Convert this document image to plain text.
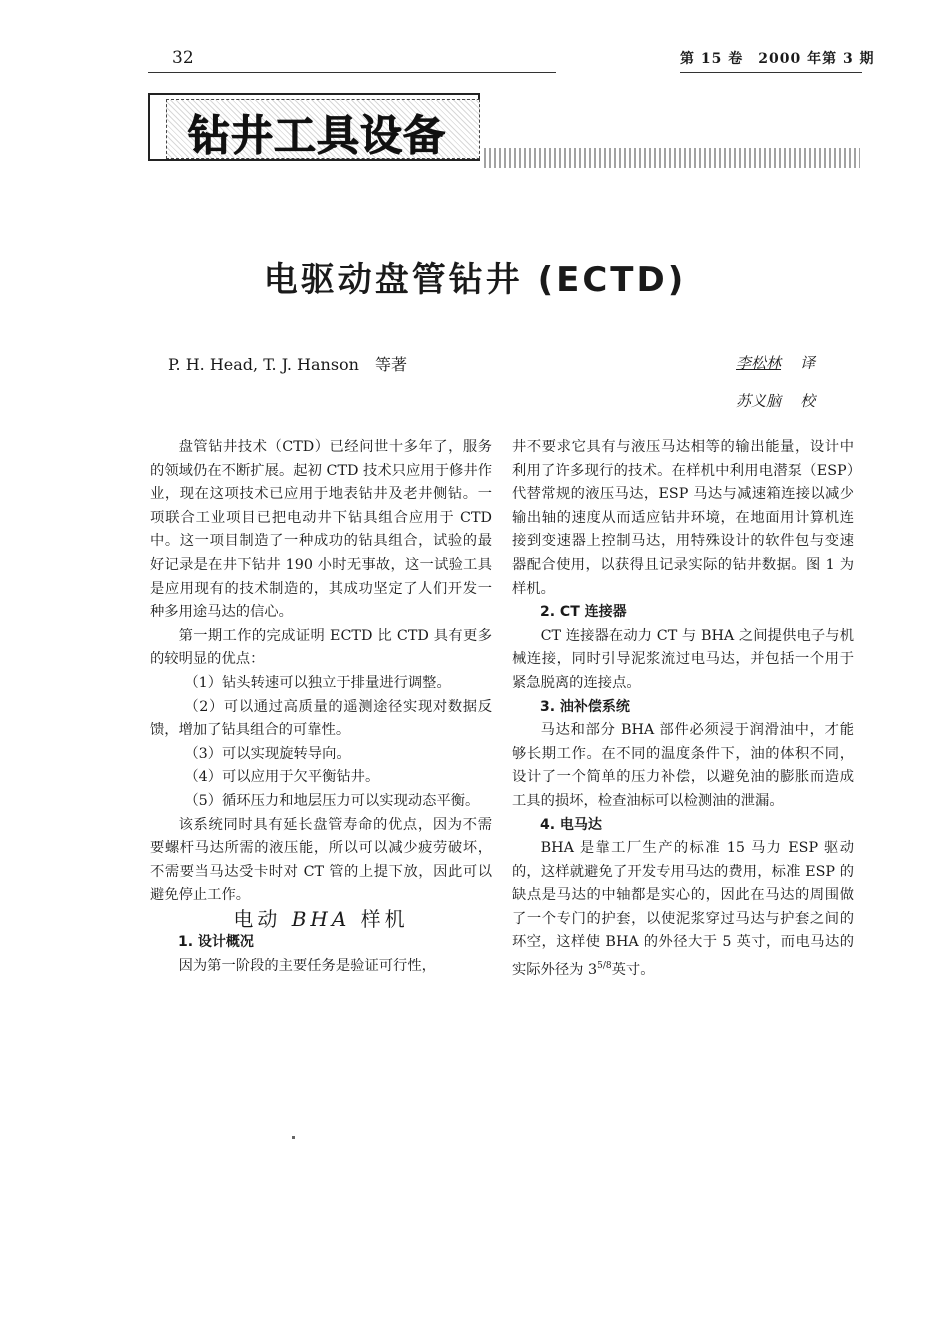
32	第 15 卷　2000 年第 3 期
钻井工具设备
电驱动盘管钻井 (ECTD)
P. H. Head, T. J. Hanson　等著	李松林 译
苏义脑 校

盘管钻井技术（CTD）已经问世十多年了，服务的领域仍在不断扩展。起初 CTD 技术只应用于修井作业，现在这项技术已应用于地表钻井及老井侧钻。一项联合工业项目已把电动井下钻具组合应用于 CTD 中。这一项目制造了一种成功的钻具组合，试验的最好记录是在井下钻井 190 小时无事故，这一试验工具是应用现有的技术制造的，其成功坚定了人们开发一种多用途马达的信心。

第一期工作的完成证明 ECTD 比 CTD 具有更多的较明显的优点：

（1）钻头转速可以独立于排量进行调整。

（2）可以通过高质量的遥测途径实现对数据反馈，增加了钻具组合的可靠性。

（3）可以实现旋转导向。

（4）可以应用于欠平衡钻井。

（5）循环压力和地层压力可以实现动态平衡。

该系统同时具有延长盘管寿命的优点，因为不需要螺杆马达所需的液压能，所以可以减少疲劳破坏，不需要当马达受卡时对 CT 管的上提下放，因此可以避免停止工作。

电动 BHA 样机

1. 设计概况

因为第一阶段的主要任务是验证可行性，

井不要求它具有与液压马达相等的输出能量，设计中利用了许多现行的技术。在样机中利用电潜泵（ESP）代替常规的液压马达，ESP 马达与减速箱连接以减少输出轴的速度从而适应钻井环境，在地面用计算机连接到变速器上控制马达，用特殊设计的软件包与变速器配合使用，以获得且记录实际的钻井数据。图 1 为样机。

2. CT 连接器

CT 连接器在动力 CT 与 BHA 之间提供电子与机械连接，同时引导泥浆流过电马达，并包括一个用于紧急脱离的连接点。

3. 油补偿系统

马达和部分 BHA 部件必须浸于润滑油中，才能够长期工作。在不同的温度条件下，油的体积不同，设计了一个简单的压力补偿，以避免油的膨胀而造成工具的损坏，检查油标可以检测油的泄漏。

4. 电马达

BHA 是靠工厂生产的标准 15 马力 ESP 驱动的，这样就避免了开发专用马达的费用，标准 ESP 的缺点是马达的中轴都是实心的，因此在马达的周围做了一个专门的护套，以使泥浆穿过马达与护套之间的环空，这样使 BHA 的外径大于 5 英寸，而电马达的实际外径为 $3^{5/8}$英寸。
